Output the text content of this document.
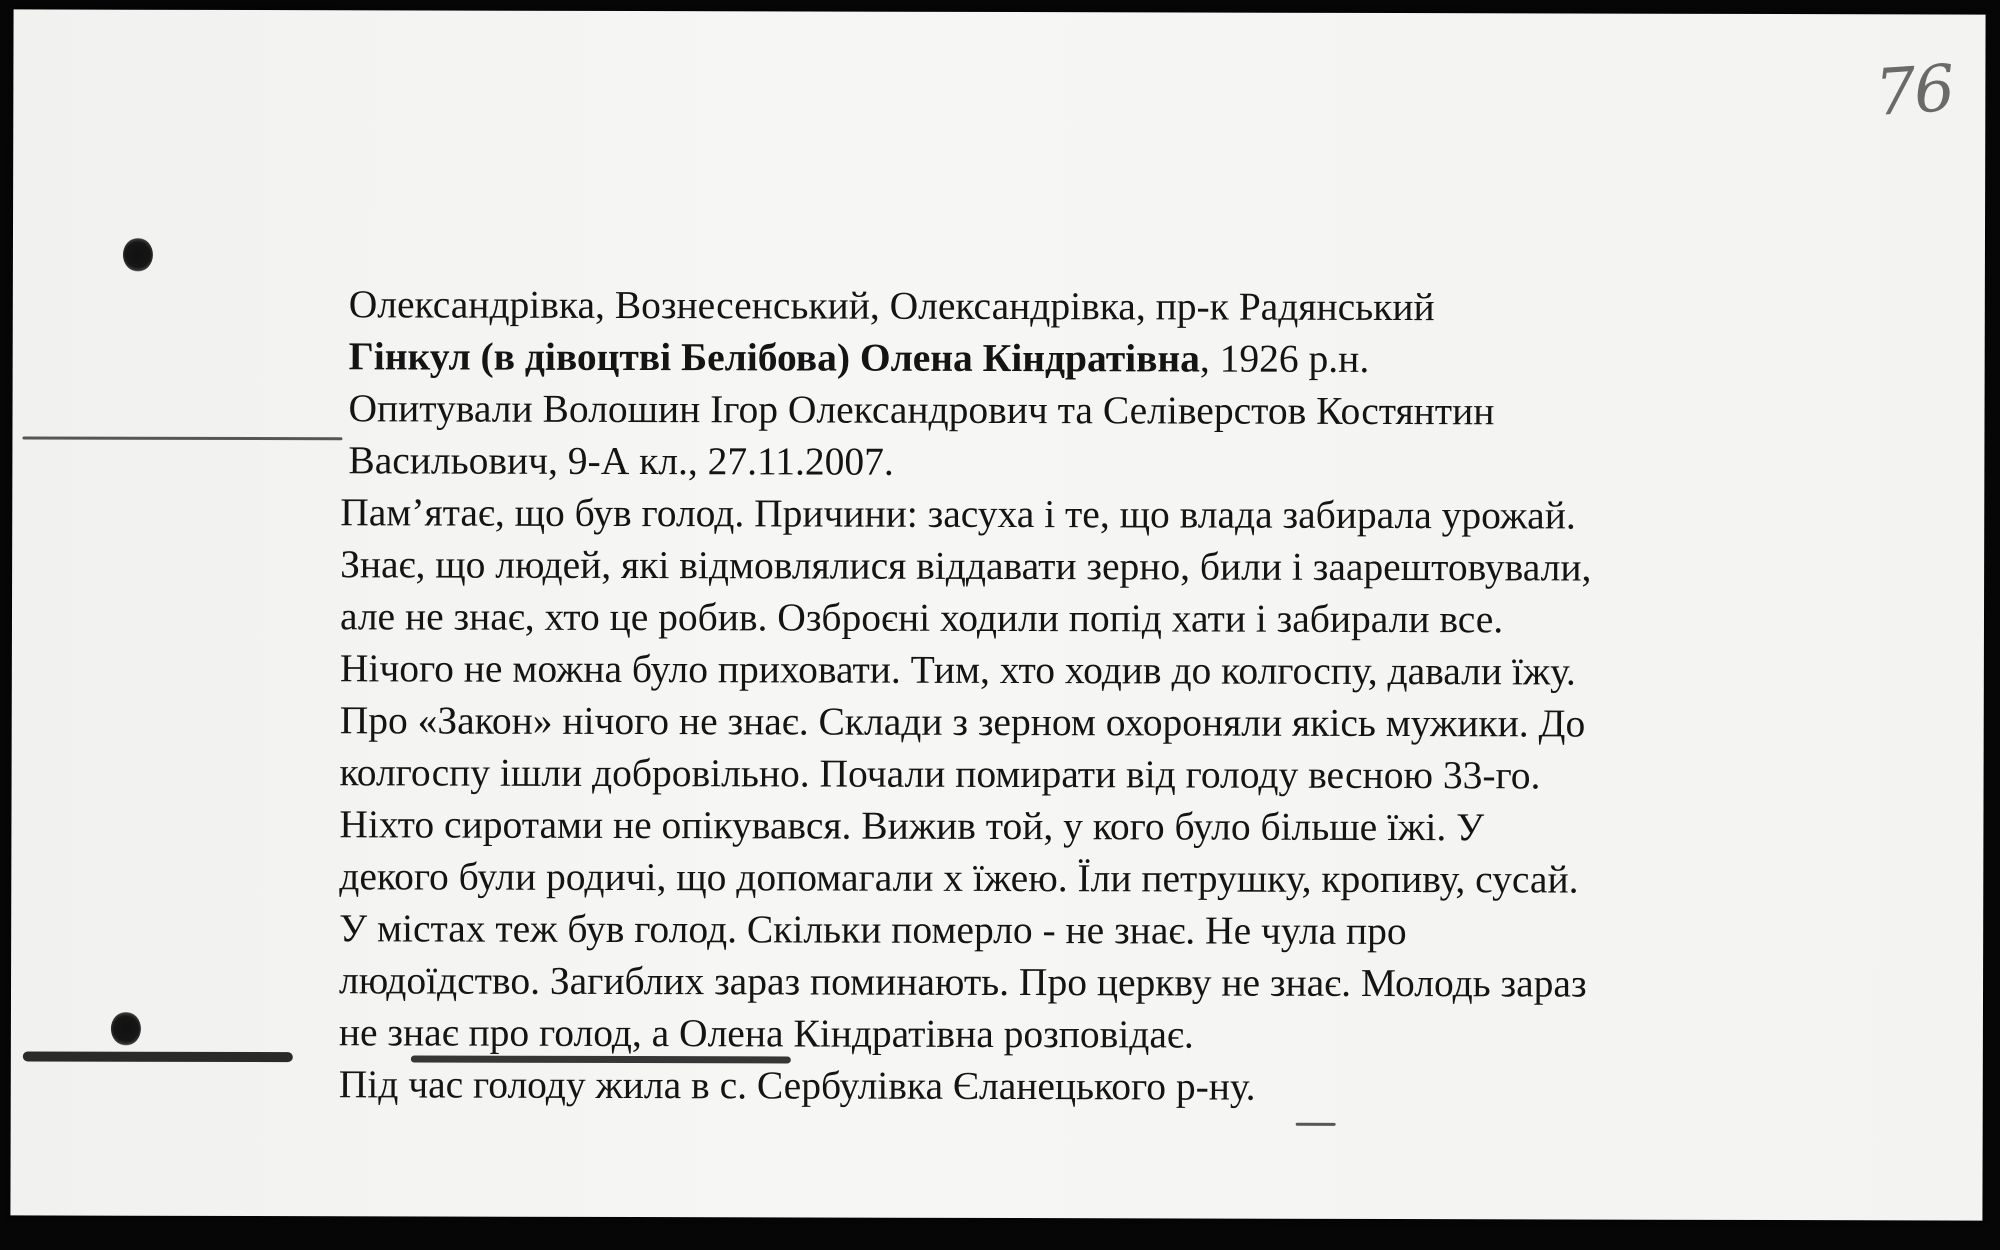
76
Олександрівка, Вознесенський, Олександрівка, пр-к Радянський
Гінкул (в дівоцтві Белібова) Олена Кіндратівна, 1926 р.н.
Опитували Волошин Ігор Олександрович та Селіверстов Костянтин
Васильович, 9-А кл., 27.11.2007.
Пам’ятає, що був голод. Причини: засуха і те, що влада забирала урожай.
Знає, що людей, які відмовлялися віддавати зерно, били і заарештовували,
але не знає, хто це робив. Озброєні ходили попід хати і забирали все.
Нічого не можна було приховати. Тим, хто ходив до колгоспу, давали їжу.
Про «Закон» нічого не знає. Склади з зерном охороняли якісь мужики. До
колгоспу ішли добровільно. Почали помирати від голоду весною 33-го.
Ніхто сиротами не опікувався. Вижив той, у кого було більше їжі. У
декого були родичі, що допомагали х їжею. Їли петрушку, кропиву, сусай.
У містах теж був голод. Скільки померло - не знає. Не чула про
людоїдство. Загиблих зараз поминають. Про церкву не знає. Молодь зараз
не знає про голод, а Олена Кіндратівна розповідає.
Під час голоду жила в с. Сербулівка Єланецького р-ну.
